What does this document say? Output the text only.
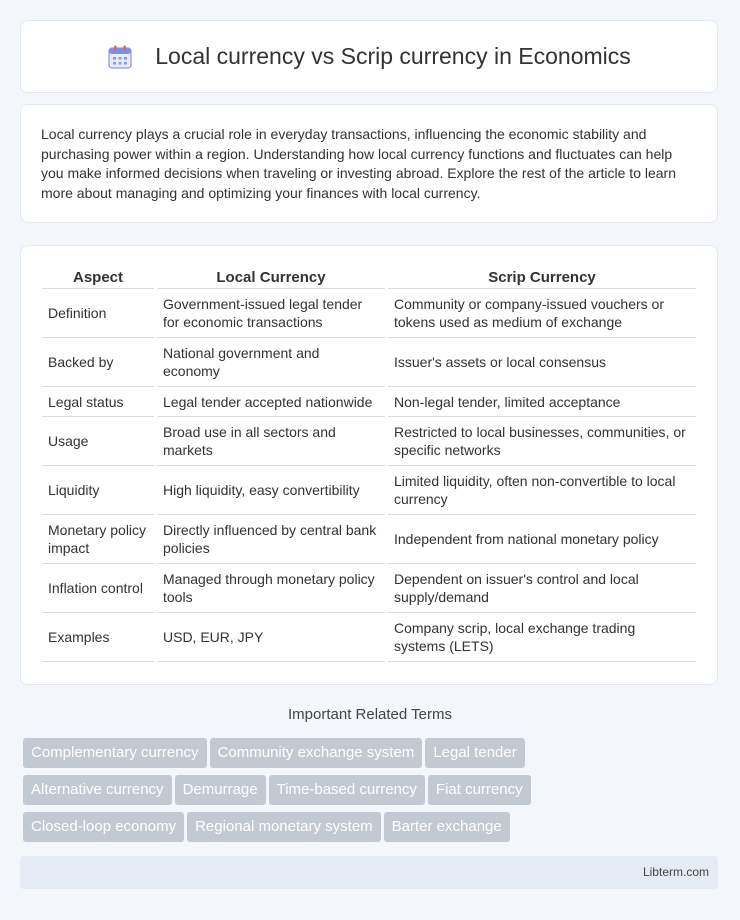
Local currency vs Scrip currency in Economics

Local currency plays a crucial role in everyday transactions, influencing the economic stability and purchasing power within a region. Understanding how local currency functions and fluctuates can help you make informed decisions when traveling or investing abroad. Explore the rest of the article to learn more about managing and optimizing your finances with local currency.

Aspect	Local Currency	Scrip Currency
Definition	Government-issued legal tender for economic transactions	Community or company-issued vouchers or tokens used as medium of exchange
Backed by	National government and economy	Issuer's assets or local consensus
Legal status	Legal tender accepted nationwide	Non-legal tender, limited acceptance
Usage	Broad use in all sectors and markets	Restricted to local businesses, communities, or specific networks
Liquidity	High liquidity, easy convertibility	Limited liquidity, often non-convertible to local currency
Monetary policy impact	Directly influenced by central bank policies	Independent from national monetary policy
Inflation control	Managed through monetary policy tools	Dependent on issuer's control and local supply/demand
Examples	USD, EUR, JPY	Company scrip, local exchange trading systems (LETS)
Important Related Terms
Complementary currency Community exchange system Legal tender
Alternative currency Demurrage Time-based currency Fiat currency
Closed-loop economy Regional monetary system Barter exchange
Libterm.com
